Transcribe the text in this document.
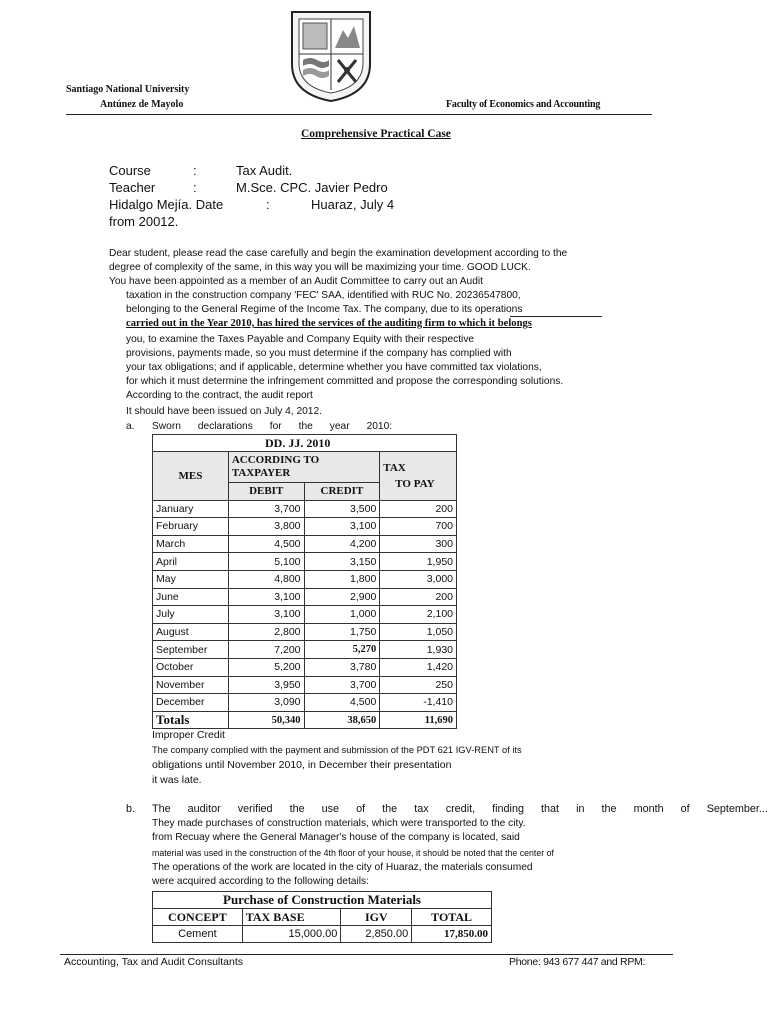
Santiago National University
Antúnez de Mayolo	Faculty of Economics and Accounting
Comprehensive Practical Case
Course	:	Tax Audit.
Teacher	:	M.Sce. CPC. Javier Pedro
Hidalgo Mejía. Date	:	Huaraz, July 4
from 20012.
Dear student, please read the case carefully and begin the examination development according to the
degree of complexity of the same, in this way you will be maximizing your time. GOOD LUCK.
You have been appointed as a member of an Audit Committee to carry out an Audit
taxation in the construction company 'FEC' SAA, identified with RUC No. 20236547800,
belonging to the General Regime of the Income Tax. The company, due to its operations
carried out in the Year 2010, has hired the services of the auditing firm to which it belongs
you, to examine the Taxes Payable and Company Equity with their respective
provisions, payments made, so you must determine if the company has complied with
your tax obligations; and if applicable, determine whether you have committed tax violations,
for which it must determine the infringement committed and propose the corresponding solutions.
According to the contract, the audit report
It should have been issued on July 4, 2012.
a. Sworn      declarations      for      the      year      2010:
DD. JJ. 2010			
MES	ACCORDING TO TAXPAYER		TAX
TO PAY

	DEBIT	CREDIT	
January	3,700	3,500	200
February	3,800	3,100	700
March	4,500	4,200	300
April	5,100	3,150	1,950
May	4,800	1,800	3,000
June	3,100	2,900	200
July	3,100	1,000	2,100
August	2,800	1,750	1,050
September	7,200	5,270	1,930
October	5,200	3,780	1,420
November	3,950	3,700	250
December	3,090	4,500	-1,410
Totals	50,340	38,650	11,690
Improper Credit
The company complied with the payment and submission of the PDT 621 IGV-RENT of its
obligations until November 2010, in December their presentation
it was late.
b. The auditor verified the use of the tax credit, finding that in the month of September...
They made purchases of construction materials, which were transported to the city.
from Recuay where the General Manager's house of the company is located, said
material was used in the construction of the 4th floor of your house, it should be noted that the center of
The operations of the work are located in the city of Huaraz, the materials consumed
were acquired according to the following details:
Purchase of Construction Materials			
CONCEPT	TAX BASE	IGV	TOTAL
Cement	15,000.00	2,850.00	17,850.00
Accounting, Tax and Audit Consultants	Phone: 943 677 447 and RPM:
